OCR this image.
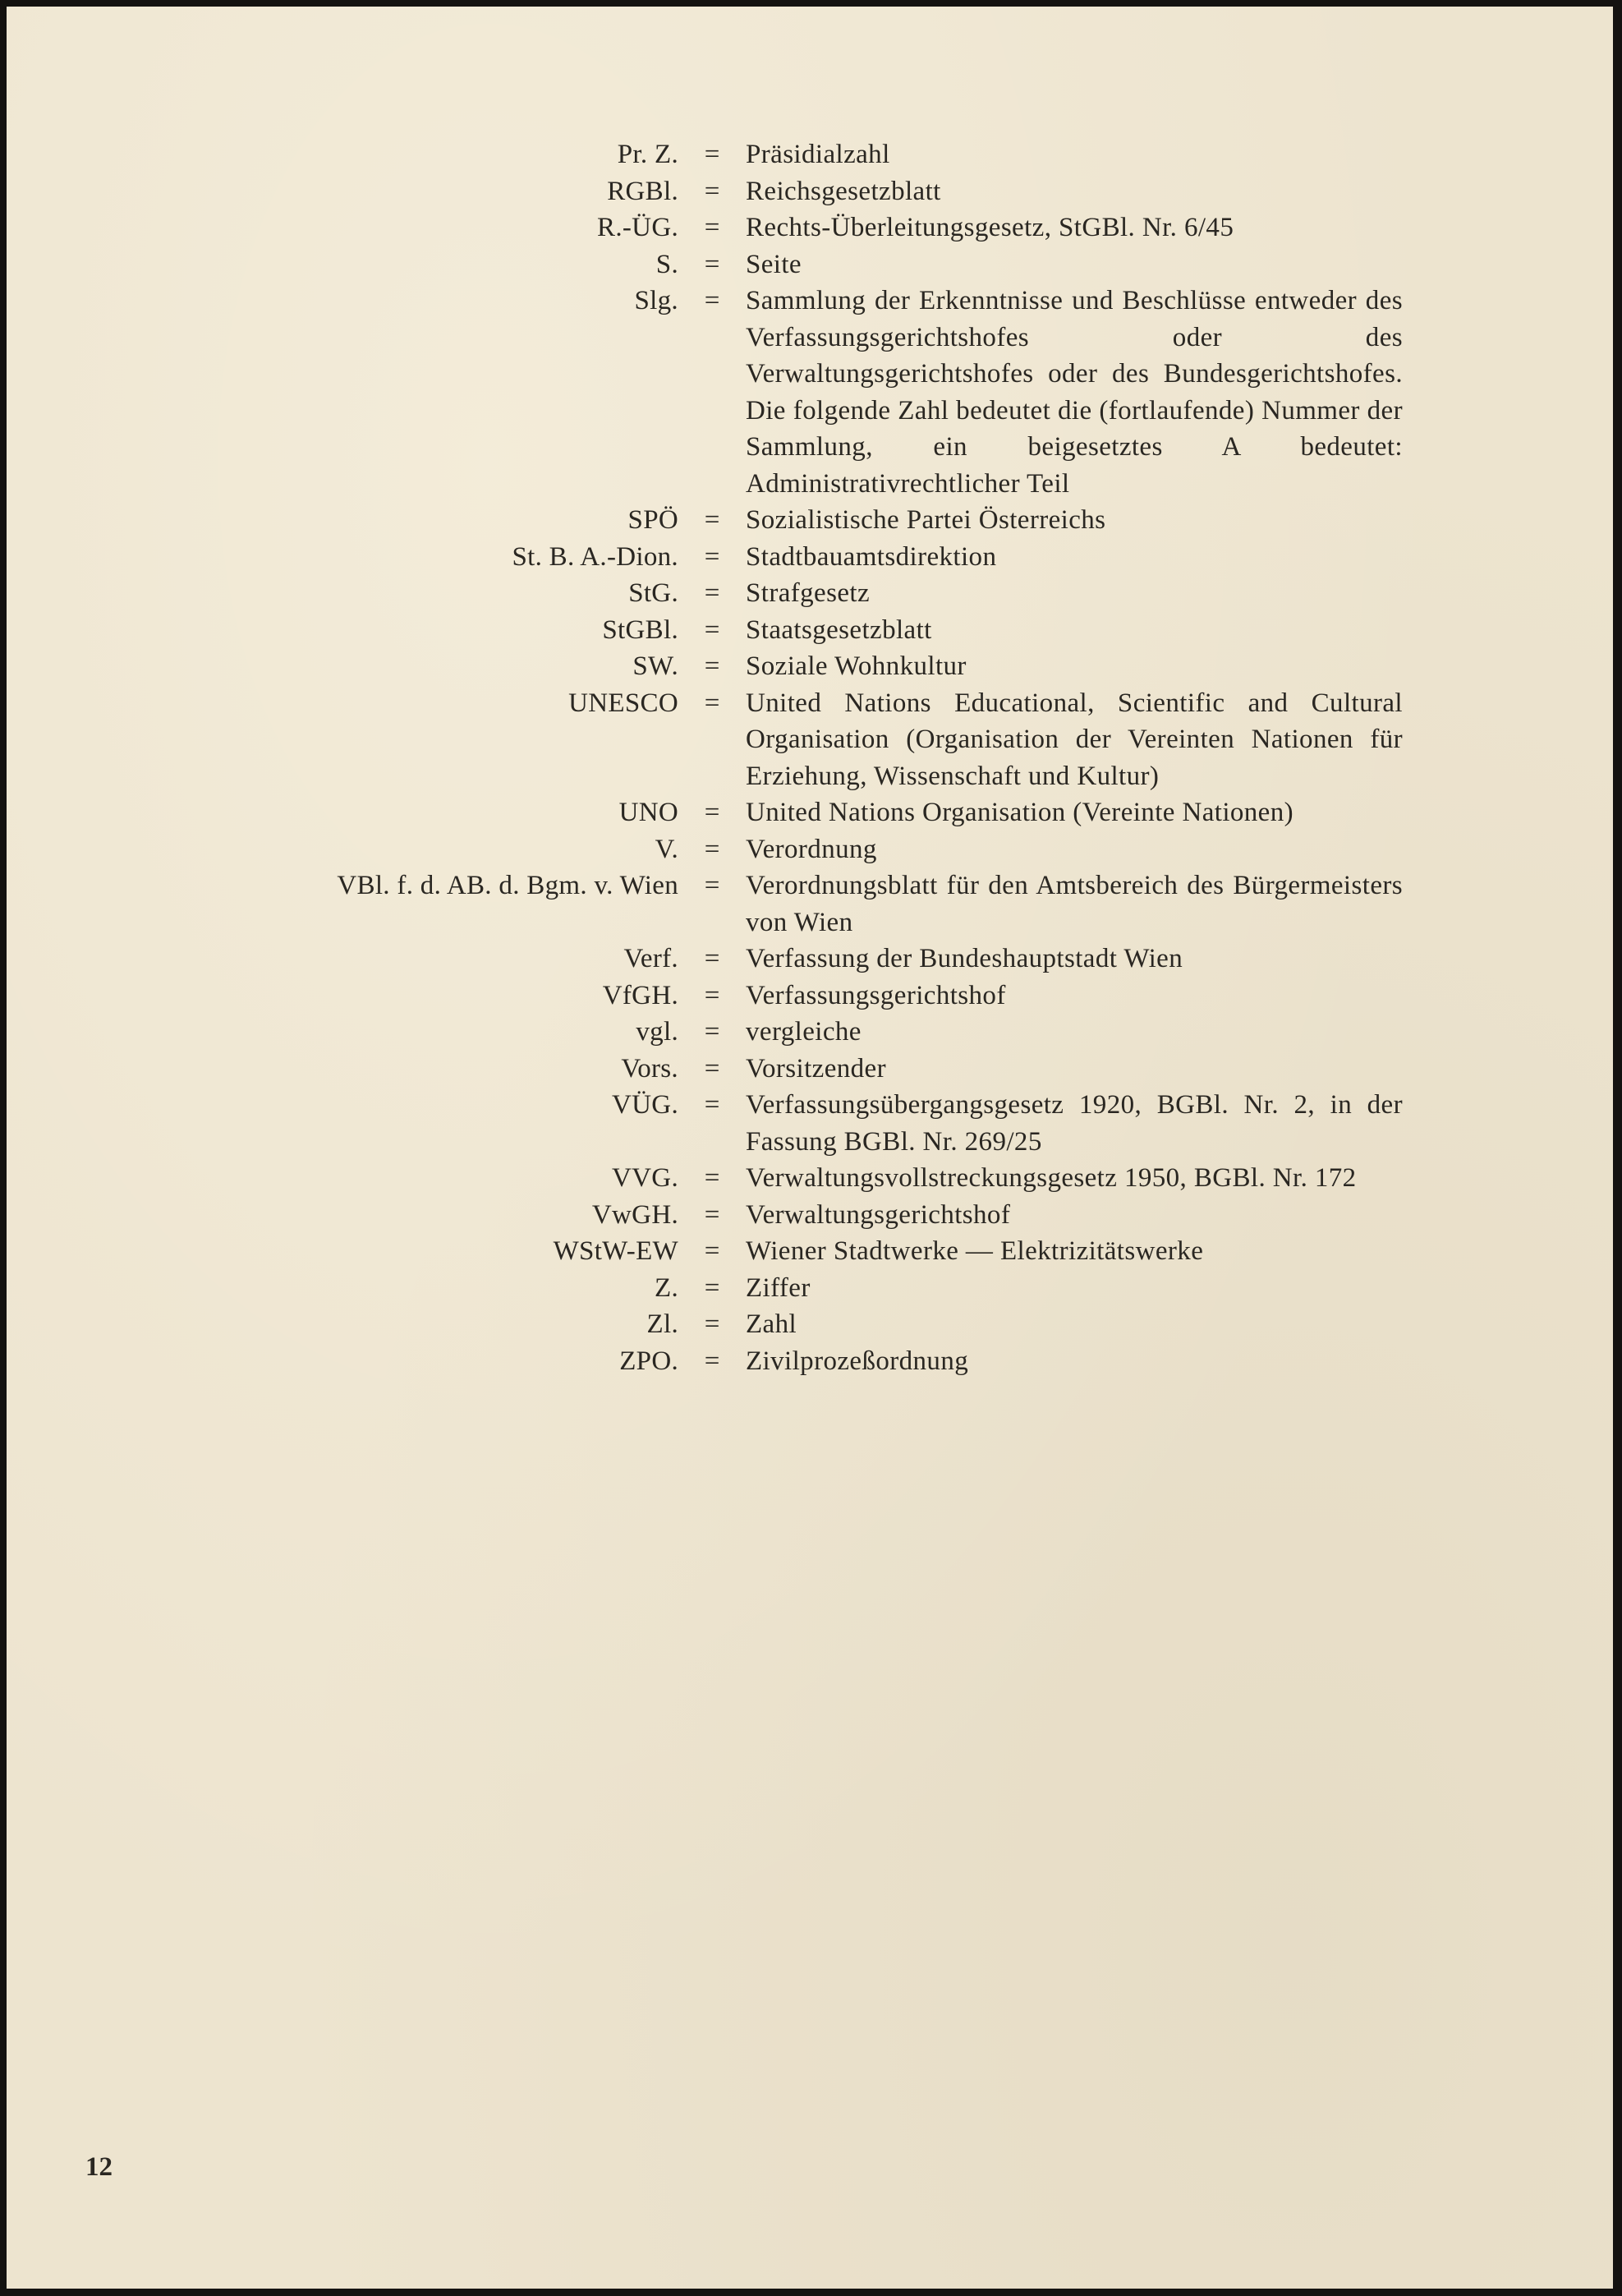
Pr. Z. = Präsidialzahl
RGBl. = Reichsgesetzblatt
R.-ÜG. = Rechts-Überleitungsgesetz, StGBl. Nr. 6/45
S. = Seite
Slg. = Sammlung der Erkenntnisse und Beschlüsse entweder des Verfassungsgerichtshofes oder des Verwaltungsgerichtshofes oder des Bundesgerichtshofes. Die folgende Zahl bedeutet die (fortlaufende) Nummer der Sammlung, ein beigesetztes A bedeutet: Administrativrechtlicher Teil
SPÖ = Sozialistische Partei Österreichs
St. B. A.-Dion. = Stadtbauamtsdirektion
StG. = Strafgesetz
StGBl. = Staatsgesetzblatt
SW. = Soziale Wohnkultur
UNESCO = United Nations Educational, Scientific and Cultural Organisation (Organisation der Vereinten Nationen für Erziehung, Wissenschaft und Kultur)
UNO = United Nations Organisation (Vereinte Nationen)
V. = Verordnung
VBl. f. d. AB. d. Bgm. v. Wien = Verordnungsblatt für den Amtsbereich des Bürgermeisters von Wien
Verf. = Verfassung der Bundeshauptstadt Wien
VfGH. = Verfassungsgerichtshof
vgl. = vergleiche
Vors. = Vorsitzender
VÜG. = Verfassungsübergangsgesetz 1920, BGBl. Nr. 2, in der Fassung BGBl. Nr. 269/25
VVG. = Verwaltungsvollstreckungsgesetz 1950, BGBl. Nr. 172
VwGH. = Verwaltungsgerichtshof
WStW-EW = Wiener Stadtwerke — Elektrizitätswerke
Z. = Ziffer
Zl. = Zahl
ZPO. = Zivilprozeßordnung
12
